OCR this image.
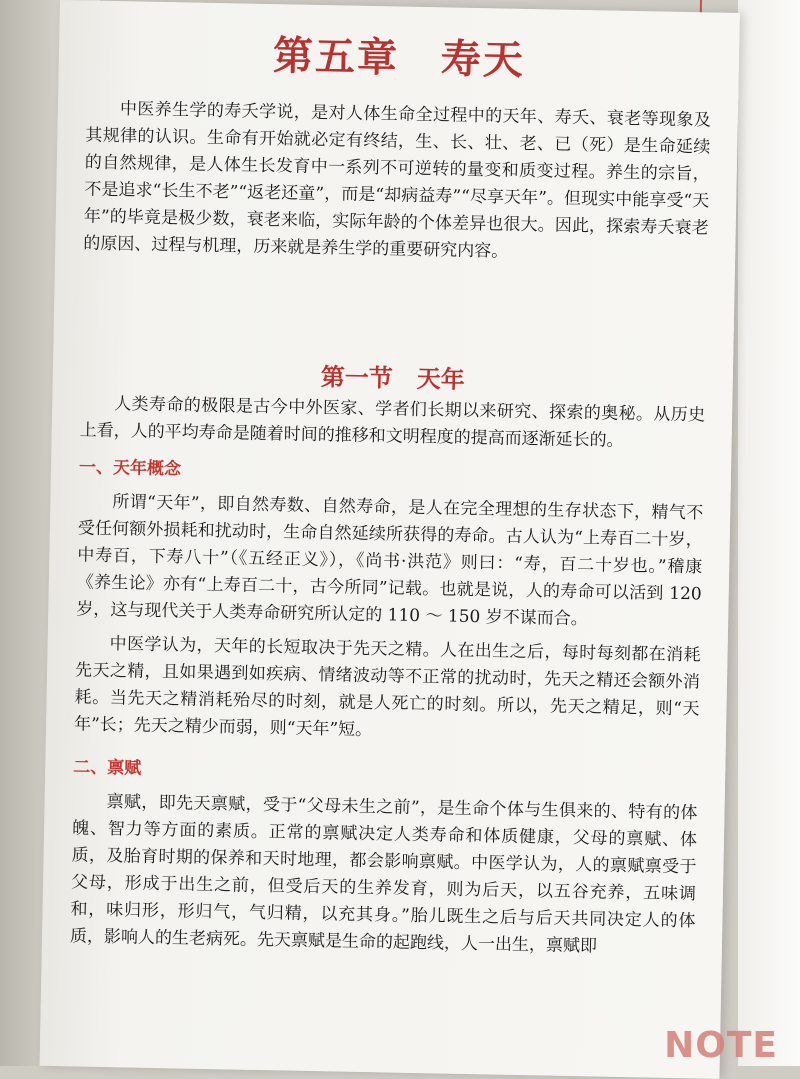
第五章　寿天

中医养生学的寿夭学说，是对人体生命全过程中的天年、寿夭、衰老等现象及其规律的认识。生命有开始就必定有终结，生、长、壮、老、已（死）是生命延续的自然规律，是人体生长发育中一系列不可逆转的量变和质变过程。养生的宗旨，不是追求“长生不老”“返老还童”，而是“却病益寿”“尽享天年”。但现实中能享受“天年”的毕竟是极少数，衰老来临，实际年龄的个体差异也很大。因此，探索寿夭衰老的原因、过程与机理，历来就是养生学的重要研究内容。

第一节　天年

人类寿命的极限是古今中外医家、学者们长期以来研究、探索的奥秘。从历史上看，人的平均寿命是随着时间的推移和文明程度的提高而逐渐延长的。

一、天年概念

所谓“天年”，即自然寿数、自然寿命，是人在完全理想的生存状态下，精气不受任何额外损耗和扰动时，生命自然延续所获得的寿命。古人认为“上寿百二十岁，中寿百，下寿八十”（《五经正义》），《尚书·洪范》则曰：“寿，百二十岁也。”稽康《养生论》亦有“上寿百二十，古今所同”记载。也就是说，人的寿命可以活到 120 岁，这与现代关于人类寿命研究所认定的 110 ～ 150 岁不谋而合。

中医学认为，天年的长短取决于先天之精。人在出生之后，每时每刻都在消耗先天之精，且如果遇到如疾病、情绪波动等不正常的扰动时，先天之精还会额外消耗。当先天之精消耗殆尽的时刻，就是人死亡的时刻。所以，先天之精足，则“天年”长；先天之精少而弱，则“天年”短。

二、禀赋

禀赋，即先天禀赋，受于“父母未生之前”，是生命个体与生俱来的、特有的体魄、智力等方面的素质。正常的禀赋决定人类寿命和体质健康，父母的禀赋、体质，及胎育时期的保养和天时地理，都会影响禀赋。中医学认为，人的禀赋禀受于父母，形成于出生之前，但受后天的生养发育，则为后天，以五谷充养，五味调和，味归形，形归气，气归精，以充其身。”胎儿既生之后与后天共同决定人的体质，影响人的生老病死。先天禀赋是生命的起跑线，人一出生，禀赋即

NOTE
